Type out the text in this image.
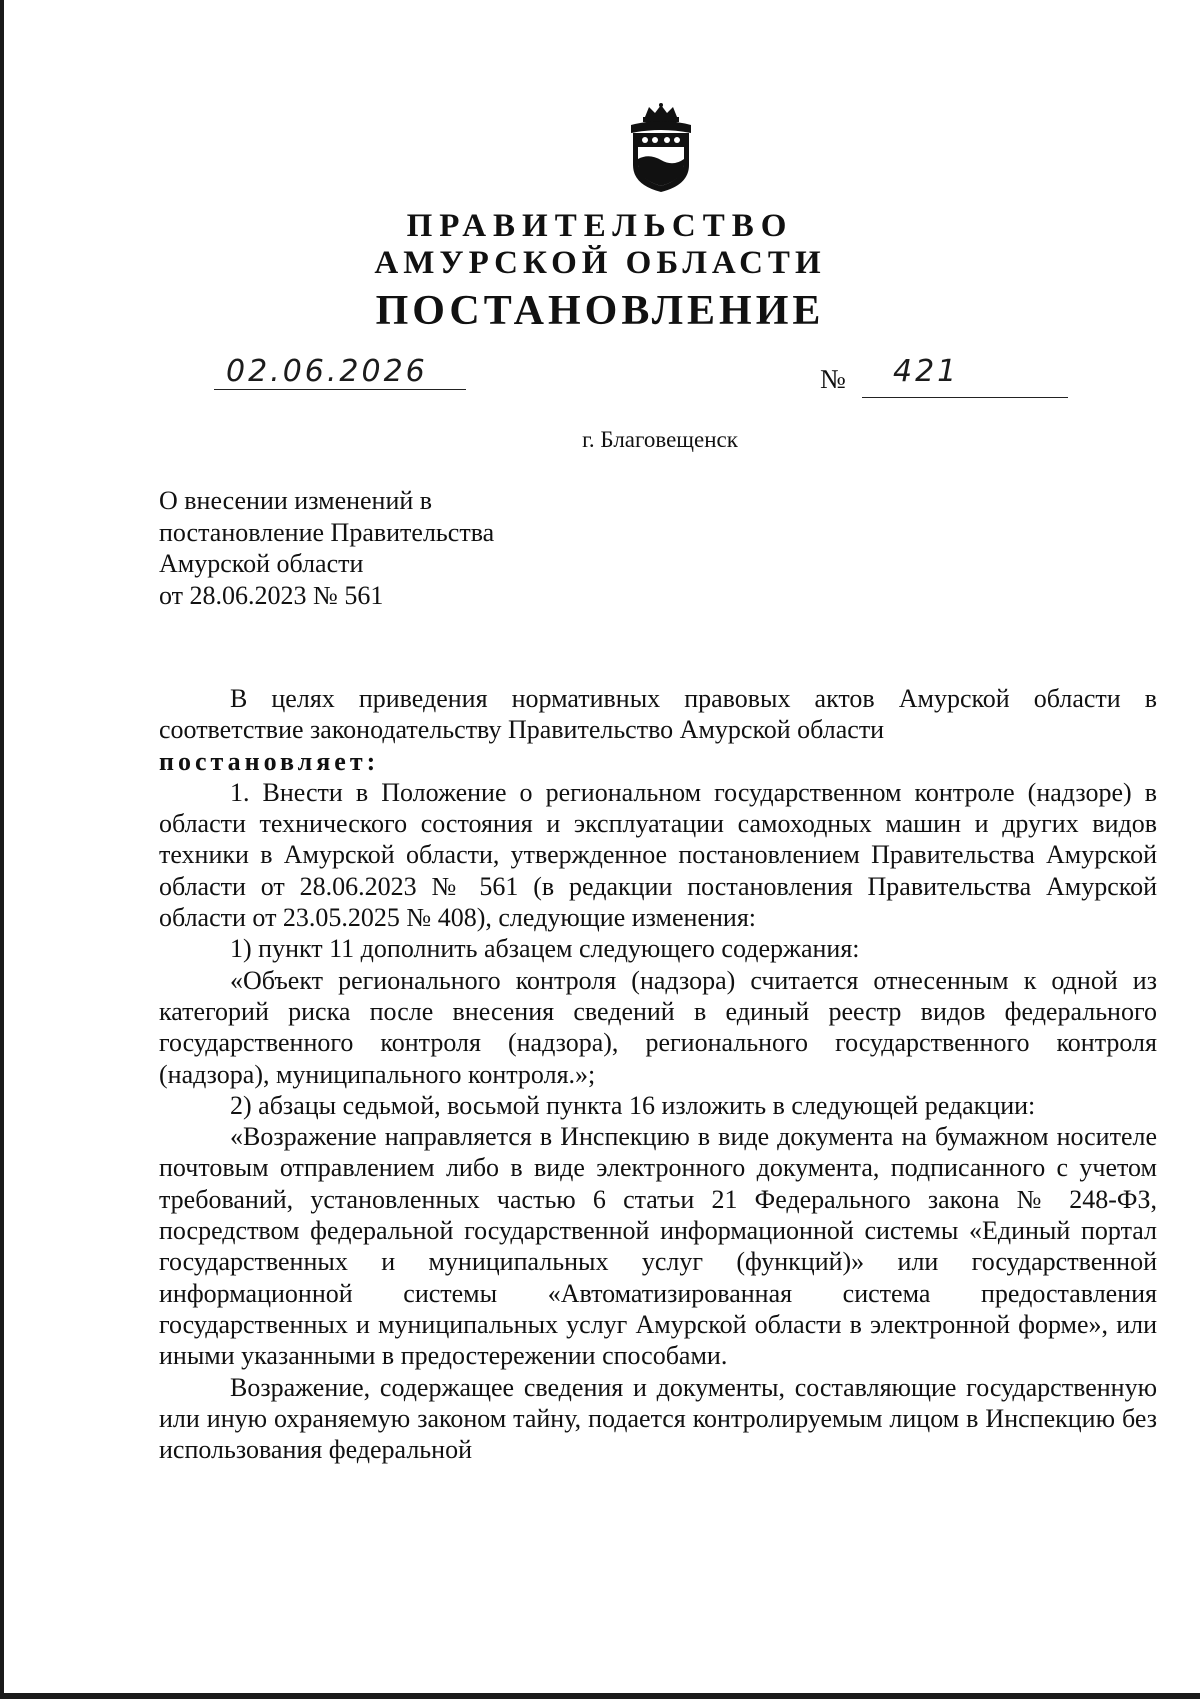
ПРАВИТЕЛЬСТВО
АМУРСКОЙ ОБЛАСТИ
ПОСТАНОВЛЕНИЕ
02.06.2026	№ 421
г. Благовещенск
О внесении изменений в
постановление Правительства
Амурской области
от 28.06.2023 № 561

В целях приведения нормативных правовых актов Амурской области в соответствие законодательству Правительство Амурской области

постановляет:

1. Внести в Положение о региональном государственном контроле (надзоре) в области технического состояния и эксплуатации самоходных машин и других видов техники в Амурской области, утвержденное постановлением Правительства Амурской области от 28.06.2023 № 561 (в редакции постановления Правительства Амурской области от 23.05.2025 № 408), следующие изменения:

1) пункт 11 дополнить абзацем следующего содержания:

«Объект регионального контроля (надзора) считается отнесенным к одной из категорий риска после внесения сведений в единый реестр видов федерального государственного контроля (надзора), регионального государственного контроля (надзора), муниципального контроля.»;

2) абзацы седьмой, восьмой пункта 16 изложить в следующей редакции:

«Возражение направляется в Инспекцию в виде документа на бумажном носителе почтовым отправлением либо в виде электронного документа, подписанного с учетом требований, установленных частью 6 статьи 21 Федерального закона № 248-ФЗ, посредством федеральной государственной информационной системы «Единый портал государственных и муниципальных услуг (функций)» или государственной информационной системы «Автоматизированная система предоставления государственных и муниципальных услуг Амурской области в электронной форме», или иными указанными в предостережении способами.

Возражение, содержащее сведения и документы, составляющие государственную или иную охраняемую законом тайну, подается контролируемым лицом в Инспекцию без использования федеральной
